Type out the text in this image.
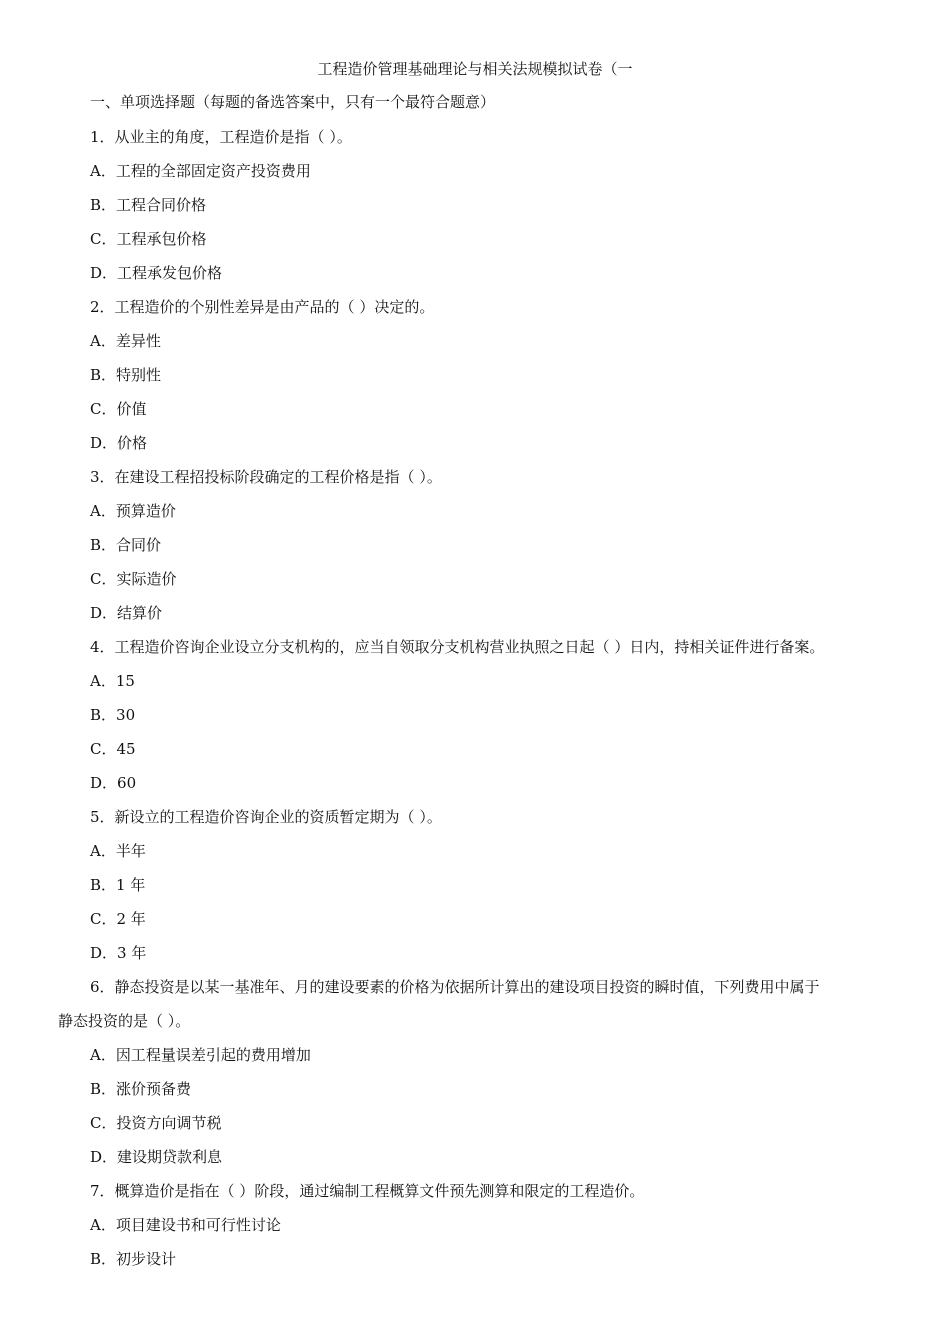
工程造价管理基础理论与相关法规模拟试卷（一
一、单项选择题（每题的备选答案中，只有一个最符合题意）
1．从业主的角度，工程造价是指（ ）。
A．工程的全部固定资产投资费用
B．工程合同价格
C．工程承包价格
D．工程承发包价格
2．工程造价的个别性差异是由产品的（ ）决定的。
A．差异性
B．特别性
C．价值
D．价格
3．在建设工程招投标阶段确定的工程价格是指（ ）。
A．预算造价
B．合同价
C．实际造价
D．结算价
4．工程造价咨询企业设立分支机构的，应当自领取分支机构营业执照之日起（ ）日内，持相关证件进行备案。
A．15
B．30
C．45
D．60
5．新设立的工程造价咨询企业的资质暂定期为（ ）。
A．半年
B．1 年
C．2 年
D．3 年
6．静态投资是以某一基准年、月的建设要素的价格为依据所计算出的建设项目投资的瞬时值，下列费用中属于
静态投资的是（ ）。
A．因工程量误差引起的费用增加
B．涨价预备费
C．投资方向调节税
D．建设期贷款利息
7．概算造价是指在（ ）阶段，通过编制工程概算文件预先测算和限定的工程造价。
A．项目建设书和可行性讨论
B．初步设计
